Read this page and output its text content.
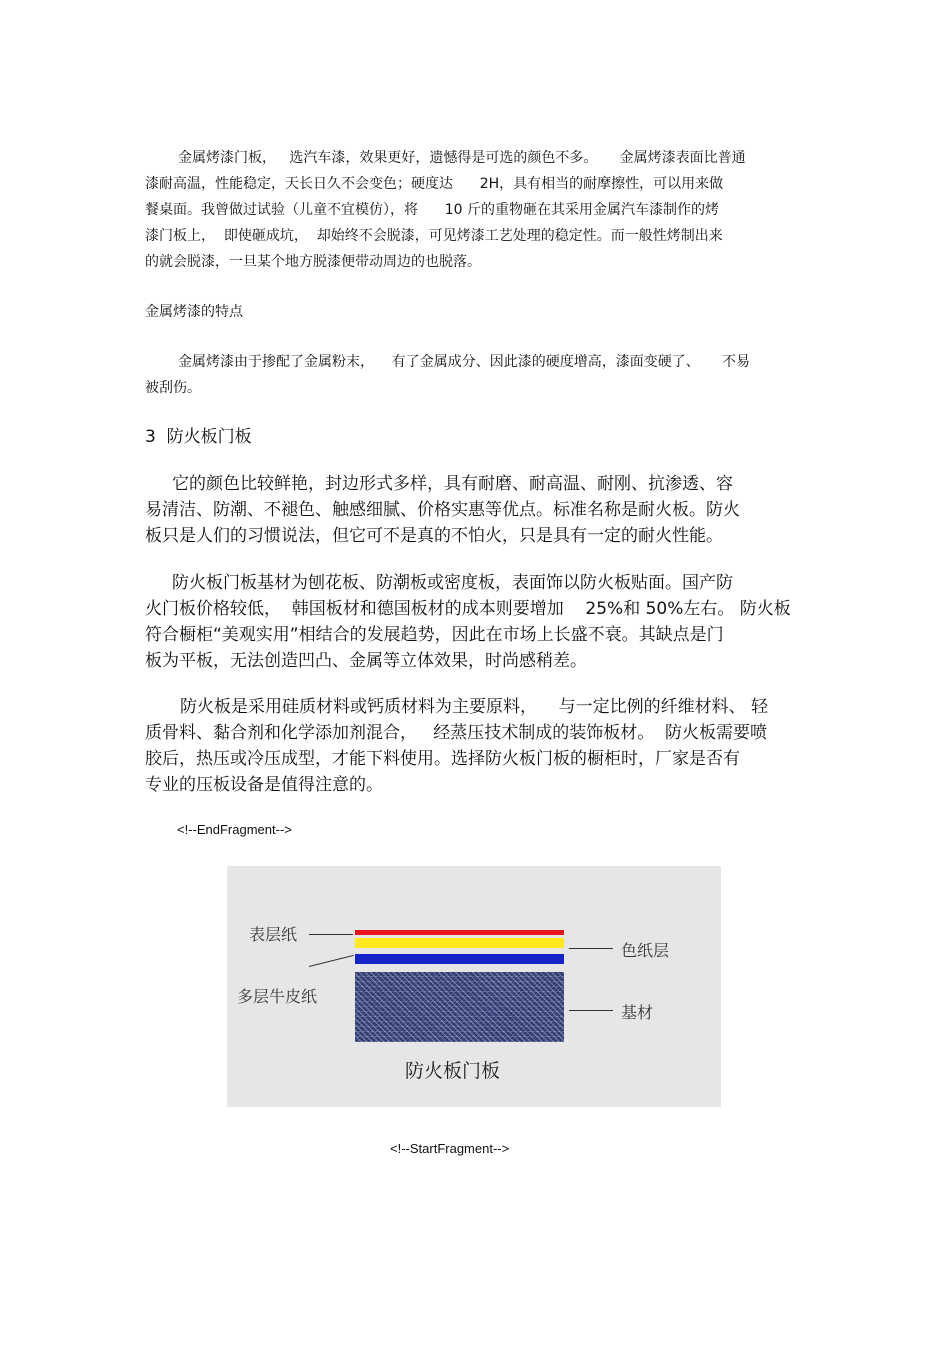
金属烤漆门板，   选汽车漆，效果更好，遗憾得是可选的颜色不多。     金属烤漆表面比普通
漆耐高温，性能稳定，天长日久不会变色；硬度达      2H，具有相当的耐摩擦性，可以用来做
餐桌面。我曾做过试验（儿童不宜模仿），将      10 斤的重物砸在其采用金属汽车漆制作的烤
漆门板上，  即使砸成坑，  却始终不会脱漆，可见烤漆工艺处理的稳定性。而一般性烤制出来
的就会脱漆，一旦某个地方脱漆便带动周边的也脱落。
金属烤漆的特点
金属烤漆由于掺配了金属粉末，    有了金属成分、因此漆的硬度增高，漆面变硬了、     不易
被刮伤。
3  防火板门板
它的颜色比较鲜艳，封边形式多样，具有耐磨、耐高温、耐刚、抗渗透、容
易清洁、防潮、不褪色、触感细腻、价格实惠等优点。标准名称是耐火板。防火
板只是人们的习惯说法，但它可不是真的不怕火，只是具有一定的耐火性能。
防火板门板基材为刨花板、防潮板或密度板，表面饰以防火板贴面。国产防
火门板价格较低，  韩国板材和德国板材的成本则要增加    25%和 50%左右。 防火板
符合橱柜“美观实用”相结合的发展趋势，因此在市场上长盛不衰。其缺点是门
板为平板，无法创造凹凸、金属等立体效果，时尚感稍差。
防火板是采用硅质材料或钙质材料为主要原料，    与一定比例的纤维材料、 轻
质骨料、黏合剂和化学添加剂混合，   经蒸压技术制成的装饰板材。  防火板需要喷
胶后，热压或冷压成型，才能下料使用。选择防火板门板的橱柜时，厂家是否有
专业的压板设备是值得注意的。
<!--EndFragment-->
<!--StartFragment-->
表层纸
色纸层
多层牛皮纸
基材
防火板门板
